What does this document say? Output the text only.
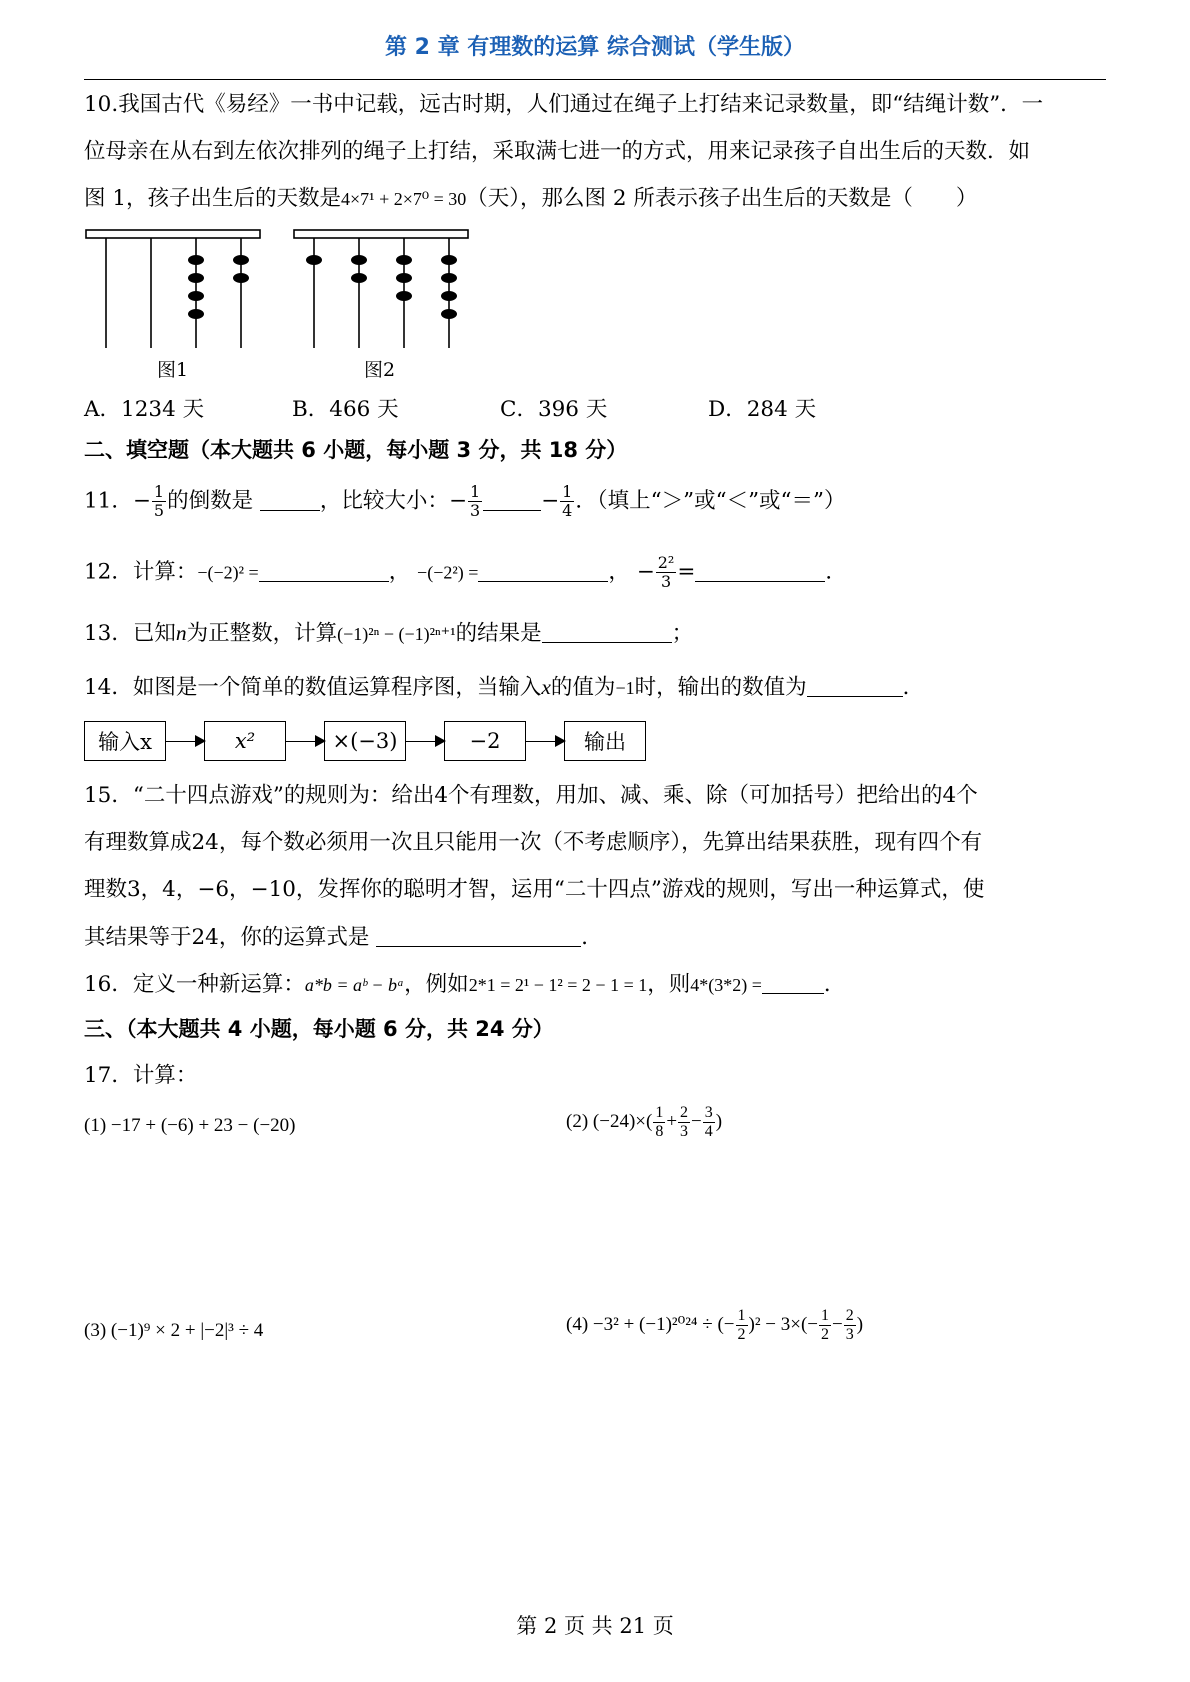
第 2 章 有理数的运算 综合测试（学生版）
10.我国古代《易经》一书中记载，远古时期，人们通过在绳子上打结来记录数量，即“结绳计数”．一
位母亲在从右到左依次排列的绳子上打结，采取满七进一的方式，用来记录孩子自出生后的天数．如
图 1，孩子出生后的天数是4×7¹ + 2×7⁰ = 30（天），那么图 2 所表示孩子出生后的天数是（　　）
图1	图2
A．1234 天	B．466 天	C．396 天	D．284 天
二、填空题（本大题共 6 小题，每小题 3 分，共 18 分）
11．− $\frac{1}{5}$ 的倒数是	，比较大小：− $\frac{1}{3}$	− $\frac{1}{4}$ ．（填上“＞”或“＜”或“＝”）
12．计算：−(−2)² =	， −(−2²) =	， − $\frac{\text{2²}}{3}$ =	．
13．已知n为正整数，计算(−1)²ⁿ − (−1)²ⁿ⁺¹的结果是	；
14．如图是一个简单的数值运算程序图，当输入x的值为−1时，输出的数值为	．
输入x	x²	×(−3)	−2	输出
15．“二十四点游戏”的规则为：给出4个有理数，用加、减、乘、除（可加括号）把给出的4个
有理数算成24，每个数必须用一次且只能用一次（不考虑顺序），先算出结果获胜，现有四个有
理数3，4，−6，−10，发挥你的聪明才智，运用“二十四点”游戏的规则，写出一种运算式，使
其结果等于24，你的运算式是	．
16．定义一种新运算：a*b = aᵇ − bᵃ，例如2*1 = 2¹ − 1² = 2 − 1 = 1，则4*(3*2) =	．
三、（本大题共 4 小题，每小题 6 分，共 24 分）
17．计算：
(1) −17 + (−6) + 23 − (−20)	(2) $(-24)\times( \frac{1}{8} + \frac{2}{3} - \frac{3}{4}$ )
(3) (−1)⁹ × 2 + |−2|³ ÷ 4	(4) −3² + (−1)²⁰²⁴ ÷ (− $\frac{1}{2} )^2 - 3\times(- \frac{1}{2} - \frac{2}{3}$ )
第 2 页 共 21 页
